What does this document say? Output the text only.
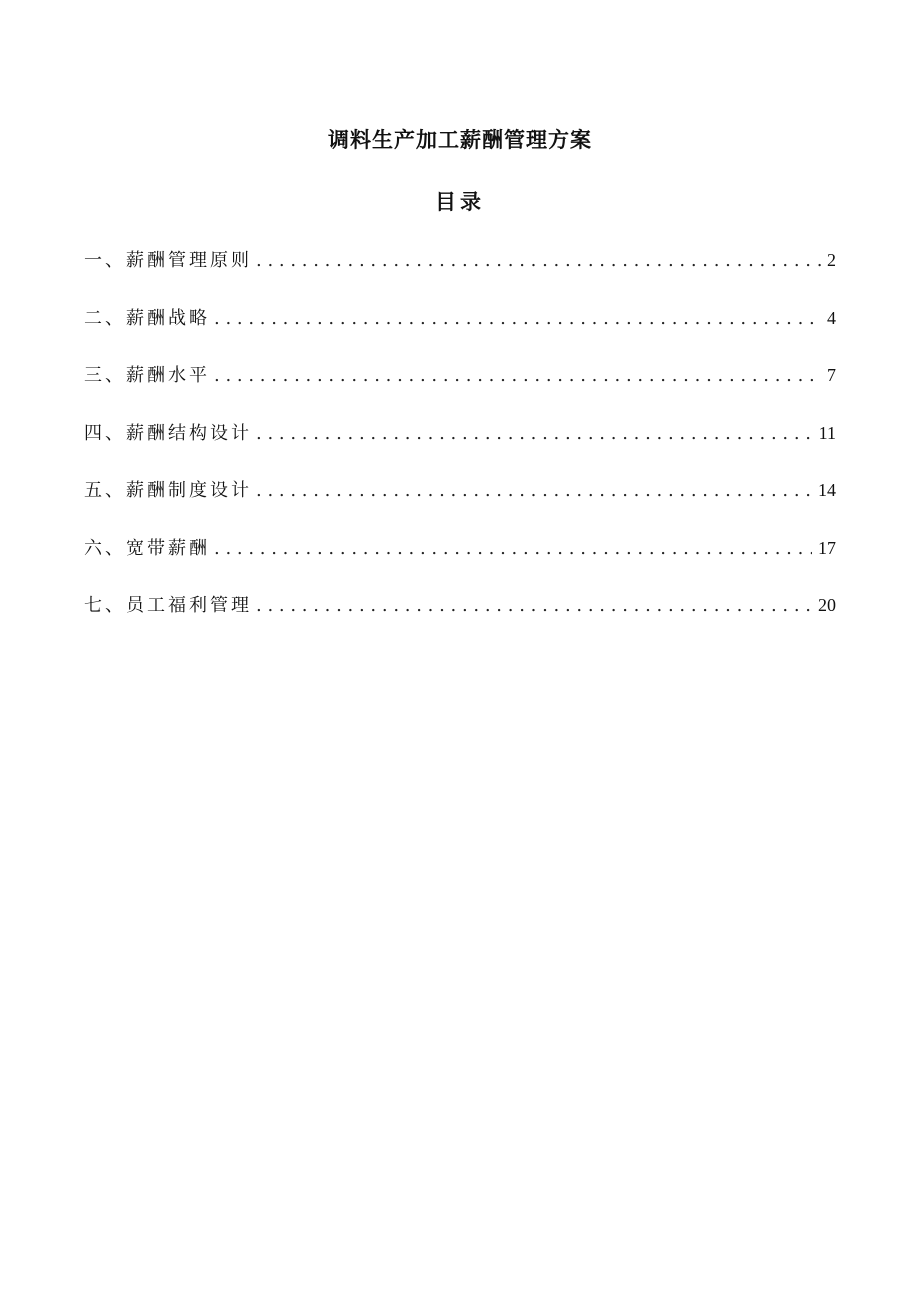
调料生产加工薪酬管理方案
目录
一、薪酬管理原则 . . .	2
二、薪酬战略 . . .	4
三、薪酬水平 . . .	7
四、薪酬结构设计 . . .	11
五、薪酬制度设计 . . .	14
六、宽带薪酬 . . .	17
七、员工福利管理 . . .	20
